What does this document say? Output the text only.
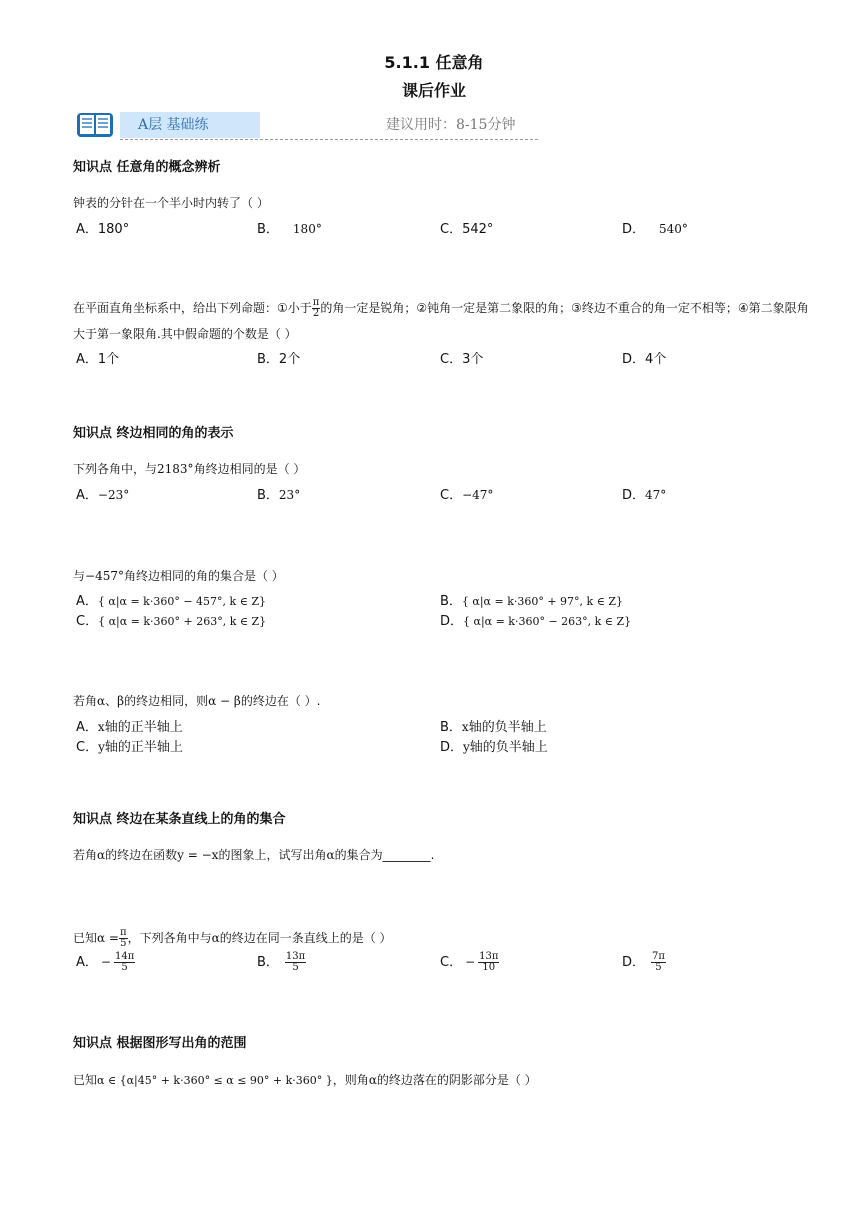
5.1.1 任意角
课后作业
A层 基础练	建议用时：8-15分钟
知识点 任意角的概念辨析
钟表的分针在一个半小时内转了（ ）
A．180°	B． 180°	C．542°	D． 540°
在平面直角坐标系中，给出下列命题：①小于 $\frac{\pi}{2}$ 的角一定是锐角；②钝角一定是第二象限的角；③终边不重合的角一定不相等；④第二象限角
大于第一象限角.其中假命题的个数是（ ）
A．1个	B．2个	C．3个	D．4个
知识点 终边相同的角的表示
下列各角中，与2183°角终边相同的是（ ）
A．−23°	B．23°	C．−47°	D．47°
与−457°角终边相同的角的集合是（ ）
A．{ α|α = k·360° − 457°, k ∈ Z}	B．{ α|α = k·360° + 97°, k ∈ Z}
C．{ α|α = k·360° + 263°, k ∈ Z}	D．{ α|α = k·360° − 263°, k ∈ Z}
若角α、β的终边相同，则α − β的终边在（ ）.
A．x轴的正半轴上	B．x轴的负半轴上
C．y轴的正半轴上	D．y轴的负半轴上
知识点 终边在某条直线上的角的集合
若角α的终边在函数y = −x的图象上，试写出角α的集合为________.
已知$\alpha = \frac{\pi}{5}$ ，下列各角中与α的终边在同一条直线上的是（ ）
A． − $\frac{14\pi}{5}$	B． $\frac{13\pi}{5}$	C． − $\frac{13\pi}{10}$	D． $\frac{7\pi}{5}$
知识点 根据图形写出角的范围
已知α ∈ {α|45° + k·360° ≤ α ≤ 90° + k·360° }，则角α的终边落在的阴影部分是（ ）
